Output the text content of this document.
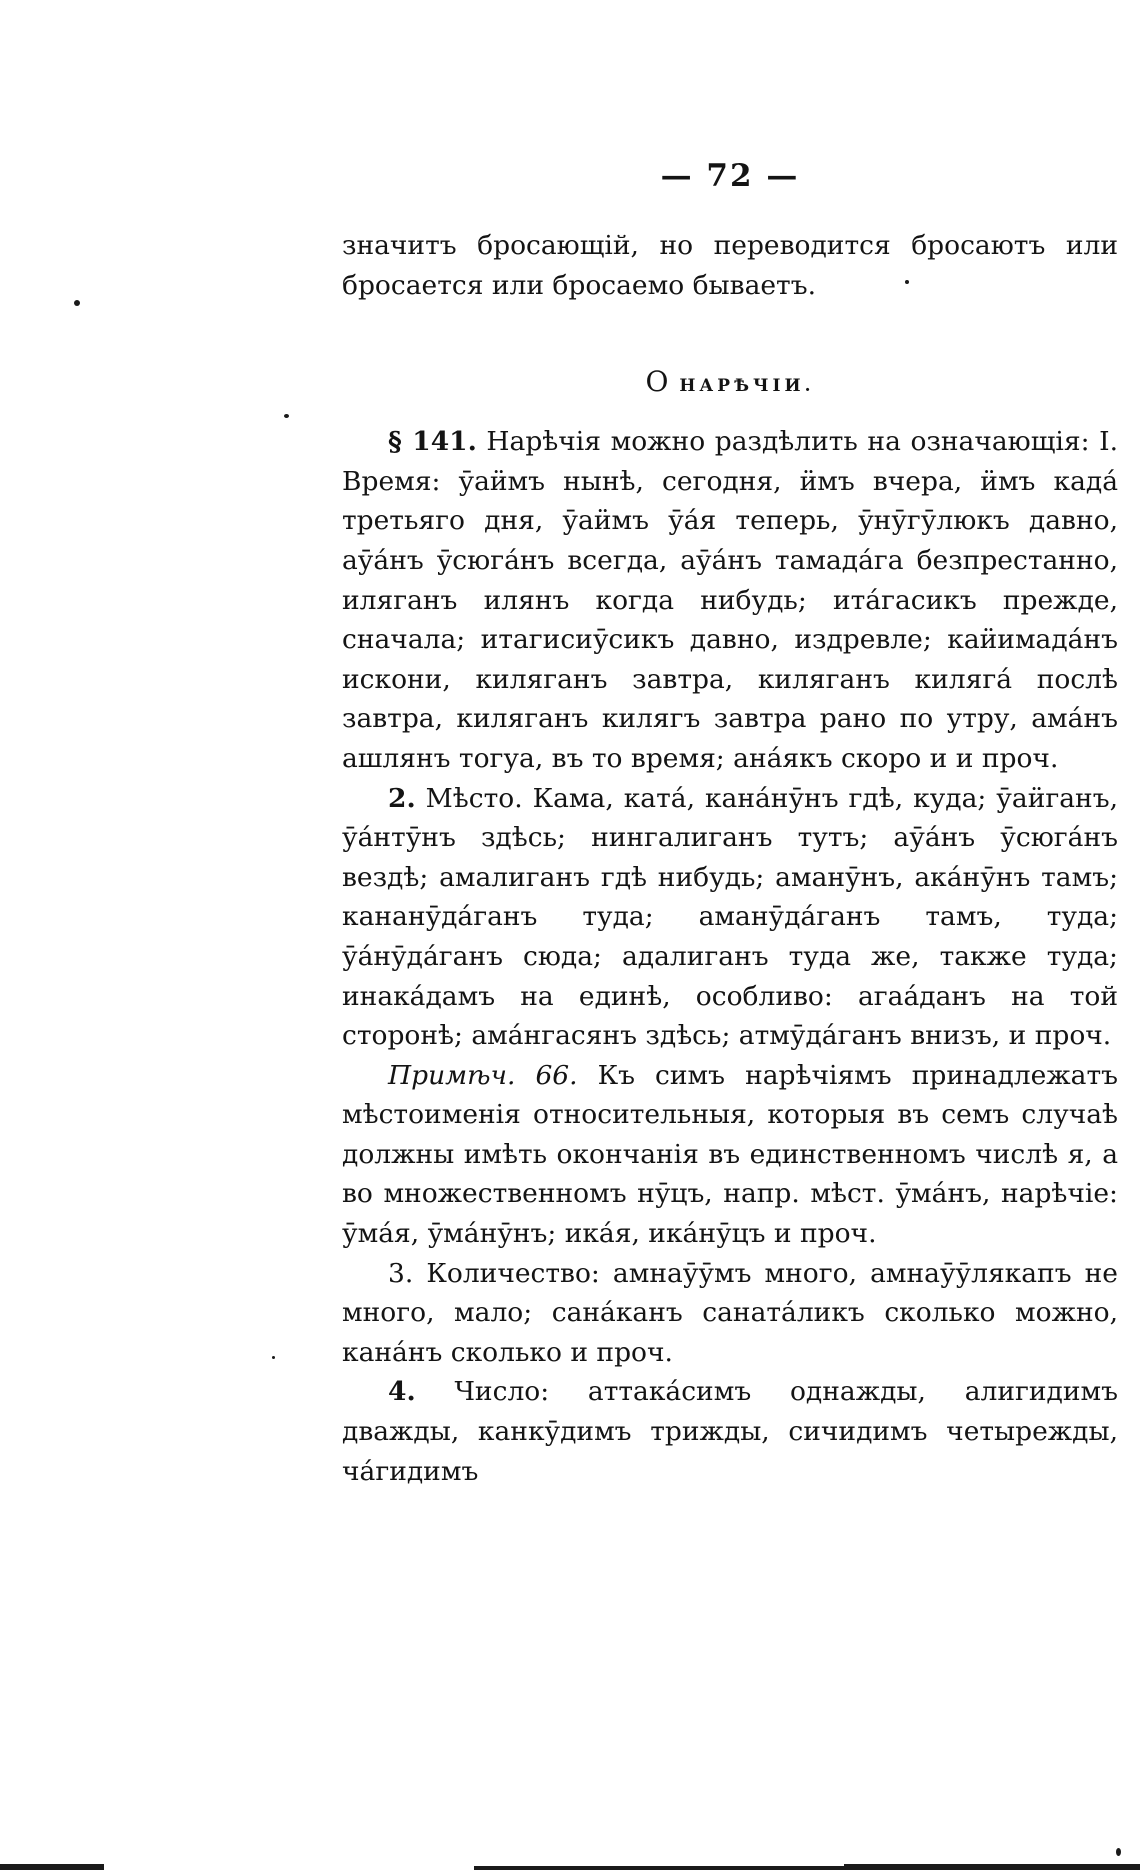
— 72 —

значитъ бросающій, но переводится бросаютъ или бросается или бросаемо бываетъ.

О НАРѢЧІИ.

§ 141. Нарѣчія можно раздѣлить на означающія: I. Время: ӯаӥмъ нынѣ, сегодня, ӥмъ вчера, ӥмъ кадá третьяго дня, ӯаӥмъ ӯáя теперь, ӯнӯгӯлюкъ давно, аӯáнъ ӯсюгáнъ всегда, аӯáнъ тамадáга безпрестанно, иляганъ илянъ когда нибудь; итáгасикъ прежде, сначала; итагисиӯсикъ давно, издревле; каӥимадáнъ искони, киляганъ завтра, киляганъ килягá послѣ завтра, киляганъ килягъ завтра рано по утру, амáнъ ашлянъ тогуа, въ то время; анáякъ скоро и и проч.

2. Мѣсто. Кама, катá, канáнӯнъ гдѣ, куда; ӯаӥганъ, ӯáнтӯнъ здѣсь; нингалиганъ тутъ; аӯáнъ ӯсюгáнъ вездѣ; амалиганъ гдѣ нибудь; аманӯнъ, акáнӯнъ тамъ; кананӯдáганъ туда; аманӯдáганъ тамъ, туда; ӯáнӯдáганъ сюда; адалиганъ туда же, также туда; инакáдамъ на единѣ, особливо: агаáданъ на той сторонѣ; амáнгасянъ здѣсь; атмӯдáганъ внизъ, и проч.

Примѣч. 66. Къ симъ нарѣчіямъ принадлежатъ мѣстоименія относительныя, которыя въ семъ случаѣ должны имѣть окончанія въ единственномъ числѣ я, а во множественномъ нӯцъ, напр. мѣст. ӯмáнъ, нарѣчіе: ӯмáя, ӯмáнӯнъ; икáя, икáнӯцъ и проч.

3. Количество: амнаӯӯмъ много, амнаӯӯлякапъ не много, мало; санáканъ санатáликъ сколько можно, канáнъ сколько и проч.

4. Число: аттакáсимъ однажды, алигидимъ дважды, канкӯдимъ трижды, сичидимъ четырежды, чáгидимъ
